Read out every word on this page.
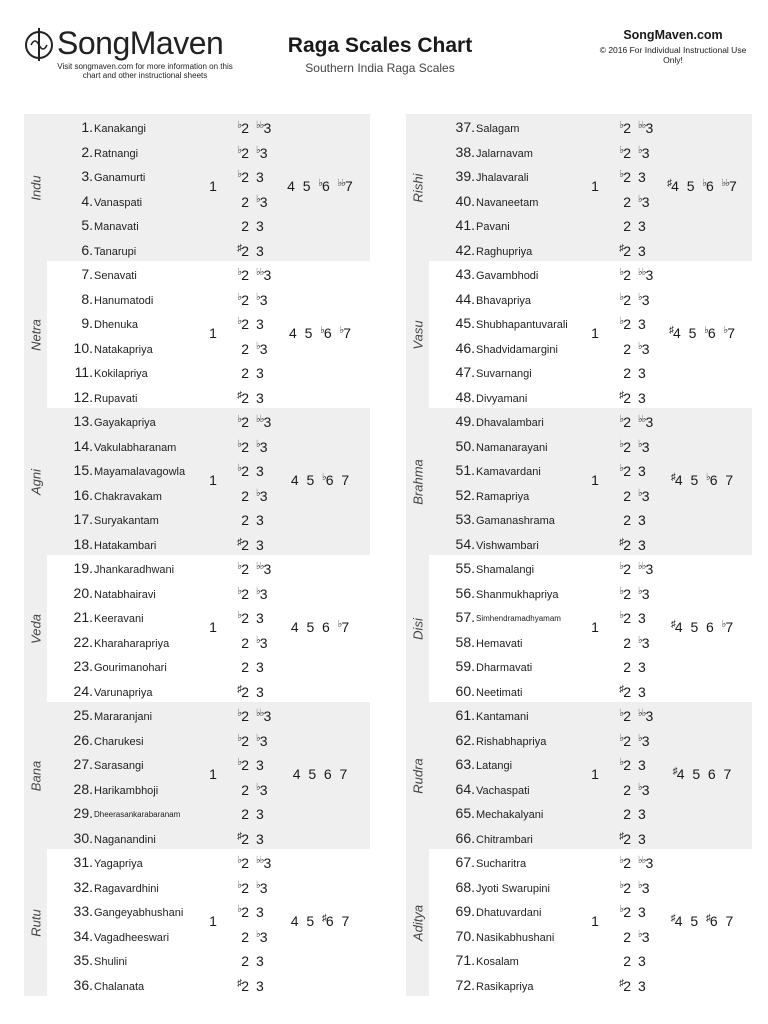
SongMaven
Visit songmaven.com for more information on this chart and other instructional sheets
Raga Scales Chart
Southern India Raga Scales
SongMaven.com
© 2016 For Individual Instructional Use Only!
Indu
1. Kanakangi	♭2 ♭♭3
2. Ratnangi	♭2 ♭3
3. Ganamurti	♭2 3
4. Vanaspati	2 ♭3
5. Manavati	2 3
6. Tanarupi	♯2 3
1	4 5 ♭6 ♭♭7
Netra
7. Senavati	♭2 ♭♭3
8. Hanumatodi	♭2 ♭3
9. Dhenuka	♭2 3
10. Natakapriya	2 ♭3
11. Kokilapriya	2 3
12. Rupavati	♯2 3
1	4 5 ♭6 ♭7
Agni
13. Gayakapriya	♭2 ♭♭3
14. Vakulabharanam	♭2 ♭3
15. Mayamalavagowla	♭2 3
16. Chakravakam	2 ♭3
17. Suryakantam	2 3
18. Hatakambari	♯2 3
1	4 5 ♭6 7
Veda
19. Jhankaradhwani	♭2 ♭♭3
20. Natabhairavi	♭2 ♭3
21. Keeravani	♭2 3
22. Kharaharapriya	2 ♭3
23. Gourimanohari	2 3
24. Varunapriya	♯2 3
1	4 5 6 ♭7
Bana
25. Mararanjani	♭2 ♭♭3
26. Charukesi	♭2 ♭3
27. Sarasangi	♭2 3
28. Harikambhoji	2 ♭3
29. Dheerasankarabaranam	2 3
30. Naganandini	♯2 3
1	4 5 6 7
Rutu
31. Yagapriya	♭2 ♭♭3
32. Ragavardhini	♭2 ♭3
33. Gangeyabhushani	♭2 3
34. Vagadheeswari	2 ♭3
35. Shulini	2 3
36. Chalanata	♯2 3
1	4 5 ♯6 7
Rishi
37. Salagam	♭2 ♭♭3
38. Jalarnavam	♭2 ♭3
39. Jhalavarali	♭2 3
40. Navaneetam	2 ♭3
41. Pavani	2 3
42. Raghupriya	♯2 3
1	♯4 5 ♭6 ♭♭7
Vasu
43. Gavambhodi	♭2 ♭♭3
44. Bhavapriya	♭2 ♭3
45. Shubhapantuvarali	♭2 3
46. Shadvidamargini	2 ♭3
47. Suvarnangi	2 3
48. Divyamani	♯2 3
1	♯4 5 ♭6 ♭7
Brahma
49. Dhavalambari	♭2 ♭♭3
50. Namanarayani	♭2 ♭3
51. Kamavardani	♭2 3
52. Ramapriya	2 ♭3
53. Gamanashrama	2 3
54. Vishwambari	♯2 3
1	♯4 5 ♭6 7
Disi
55. Shamalangi	♭2 ♭♭3
56. Shanmukhapriya	♭2 ♭3
57. Simhendramadhyamam	♭2 3
58. Hemavati	2 ♭3
59. Dharmavati	2 3
60. Neetimati	♯2 3
1	♯4 5 6 ♭7
Rudra
61. Kantamani	♭2 ♭♭3
62. Rishabhapriya	♭2 ♭3
63. Latangi	♭2 3
64. Vachaspati	2 ♭3
65. Mechakalyani	2 3
66. Chitrambari	♯2 3
1	♯4 5 6 7
Aditya
67. Sucharitra	♭2 ♭♭3
68. Jyoti Swarupini	♭2 ♭3
69. Dhatuvardani	♭2 3
70. Nasikabhushani	2 ♭3
71. Kosalam	2 3
72. Rasikapriya	♯2 3
1	♯4 5 ♯6 7
